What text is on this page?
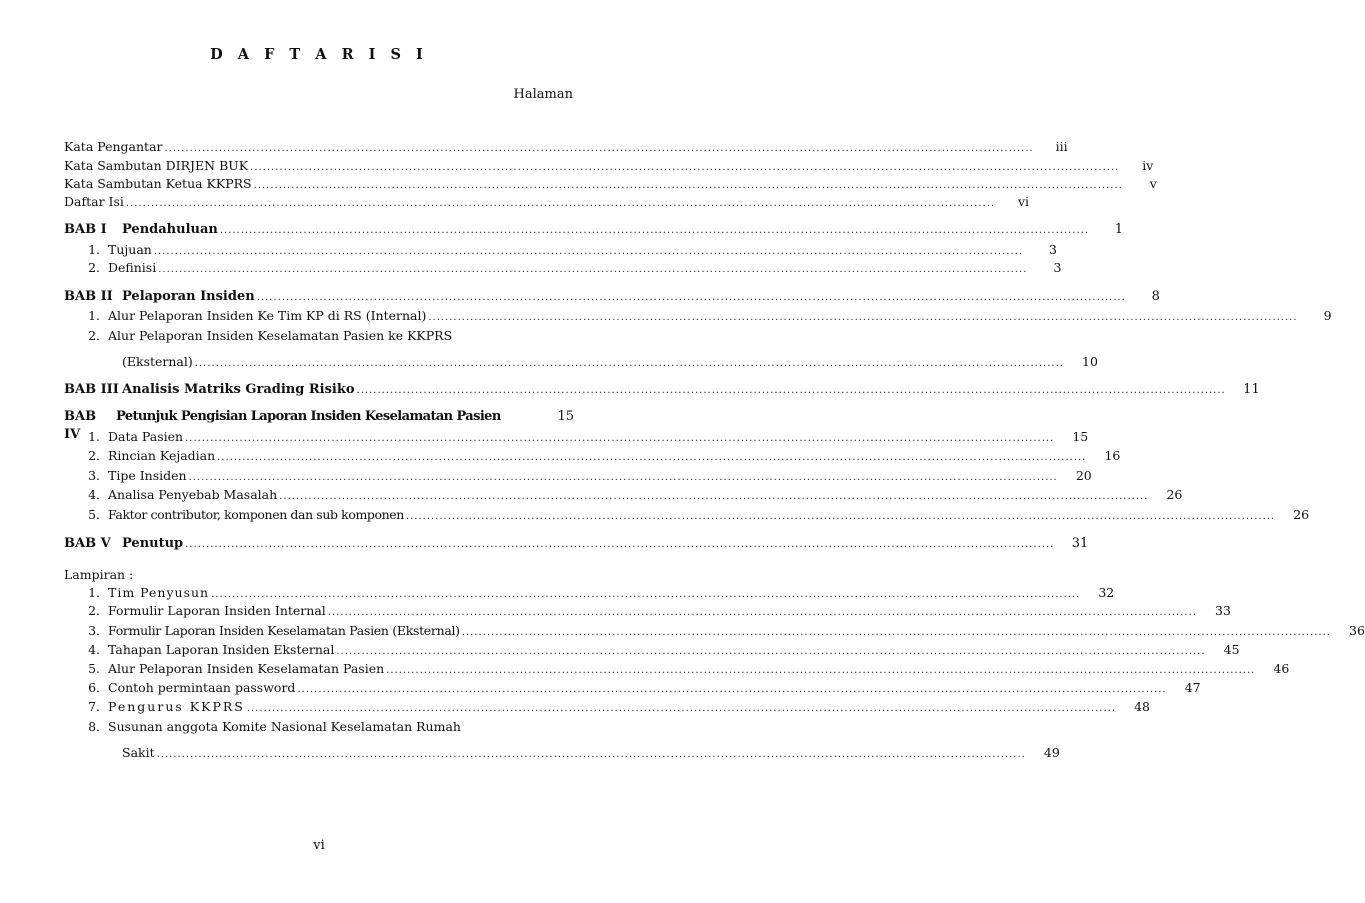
D A F T A R I S I
Halaman
Kata Pengantar .....	iii
Kata Sambutan DIRJEN BUK .....	iv
Kata Sambutan Ketua KKPRS .....	v
Daftar Isi .....	vi
BAB I	Pendahuluan .....	1
1. Tujuan .....	3
2. Definisi .....	3
BAB II Pelaporan Insiden .....	8
1. Alur Pelaporan Insiden Ke Tim KP di RS (Internal) .....	9
2. Alur Pelaporan Insiden Keselamatan Pasien ke KKPRS
(Eksternal) .....	10
BAB III Analisis Matriks Grading Risiko .....	11
BAB IV
Petunjuk Pengisian Laporan Insiden Keselamatan Pasien	15
1. Data Pasien .....	15
2. Rincian Kejadian .....	16
3. Tipe Insiden .....	20
4. Analisa Penyebab Masalah .....	26
5. Faktor contributor, komponen dan sub komponen .....	26
BAB V Penutup .....	31
Lampiran :
1. Tim Penyusun .....	32
2. Formulir Laporan Insiden Internal .....	33
3. Formulir Laporan Insiden Keselamatan Pasien (Eksternal) .....	36
4. Tahapan Laporan Insiden Eksternal .....	45
5. Alur Pelaporan Insiden Keselamatan Pasien .....	46
6. Contoh permintaan password .....	47
7. Pengurus KKPRS .....	48
8. Susunan anggota Komite Nasional Keselamatan Rumah
Sakit .....	49
vi
